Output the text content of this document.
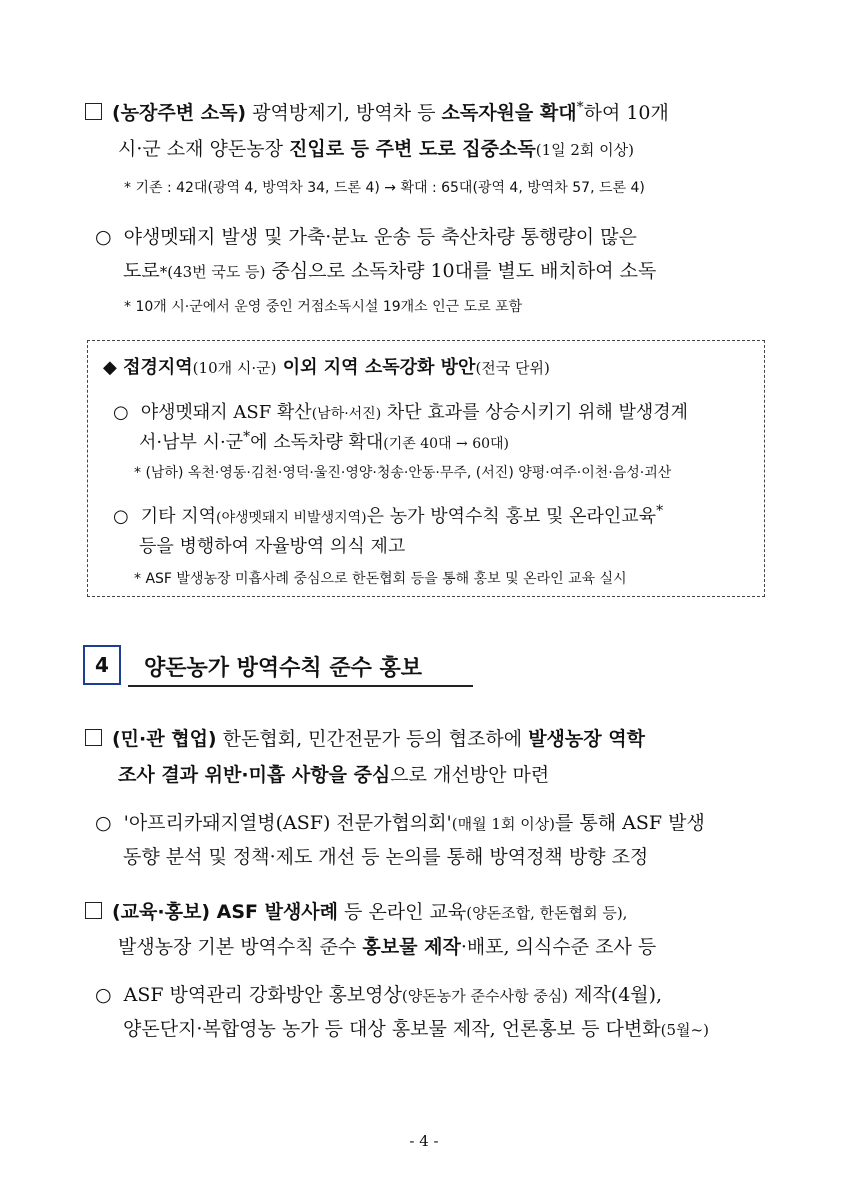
(농장주변 소독) 광역방제기, 방역차 등 소독자원을 확대*하여 10개
시·군 소재 양돈농장 진입로 등 주변 도로 집중소독(1일 2회 이상)
* 기존 : 42대(광역 4, 방역차 34, 드론 4) → 확대 : 65대(광역 4, 방역차 57, 드론 4)
○ 야생멧돼지 발생 및 가축·분뇨 운송 등 축산차량 통행량이 많은
도로*(43번 국도 등) 중심으로 소독차량 10대를 별도 배치하여 소독
* 10개 시·군에서 운영 중인 거점소독시설 19개소 인근 도로 포함
◆ 접경지역(10개 시·군) 이외 지역 소독강화 방안(전국 단위)
○ 야생멧돼지 ASF 확산(남하·서진) 차단 효과를 상승시키기 위해 발생경계
서·남부 시·군*에 소독차량 확대(기존 40대 → 60대)
* (남하) 옥천·영동·김천·영덕·울진·영양·청송·안동·무주, (서진) 양평·여주·이천·음성·괴산
○ 기타 지역(야생멧돼지 비발생지역)은 농가 방역수칙 홍보 및 온라인교육*
등을 병행하여 자율방역 의식 제고
* ASF 발생농장 미흡사례 중심으로 한돈협회 등을 통해 홍보 및 온라인 교육 실시
4	양돈농가 방역수칙 준수 홍보
(민·관 협업) 한돈협회, 민간전문가 등의 협조하에 발생농장 역학
조사 결과 위반·미흡 사항을 중심으로 개선방안 마련
○ '아프리카돼지열병(ASF) 전문가협의회'(매월 1회 이상)를 통해 ASF 발생
동향 분석 및 정책·제도 개선 등 논의를 통해 방역정책 방향 조정
(교육·홍보) ASF 발생사례 등 온라인 교육(양돈조합, 한돈협회 등),
발생농장 기본 방역수칙 준수 홍보물 제작·배포, 의식수준 조사 등
○ ASF 방역관리 강화방안 홍보영상(양돈농가 준수사항 중심) 제작(4월),
양돈단지·복합영농 농가 등 대상 홍보물 제작, 언론홍보 등 다변화(5월~)
- 4 -
